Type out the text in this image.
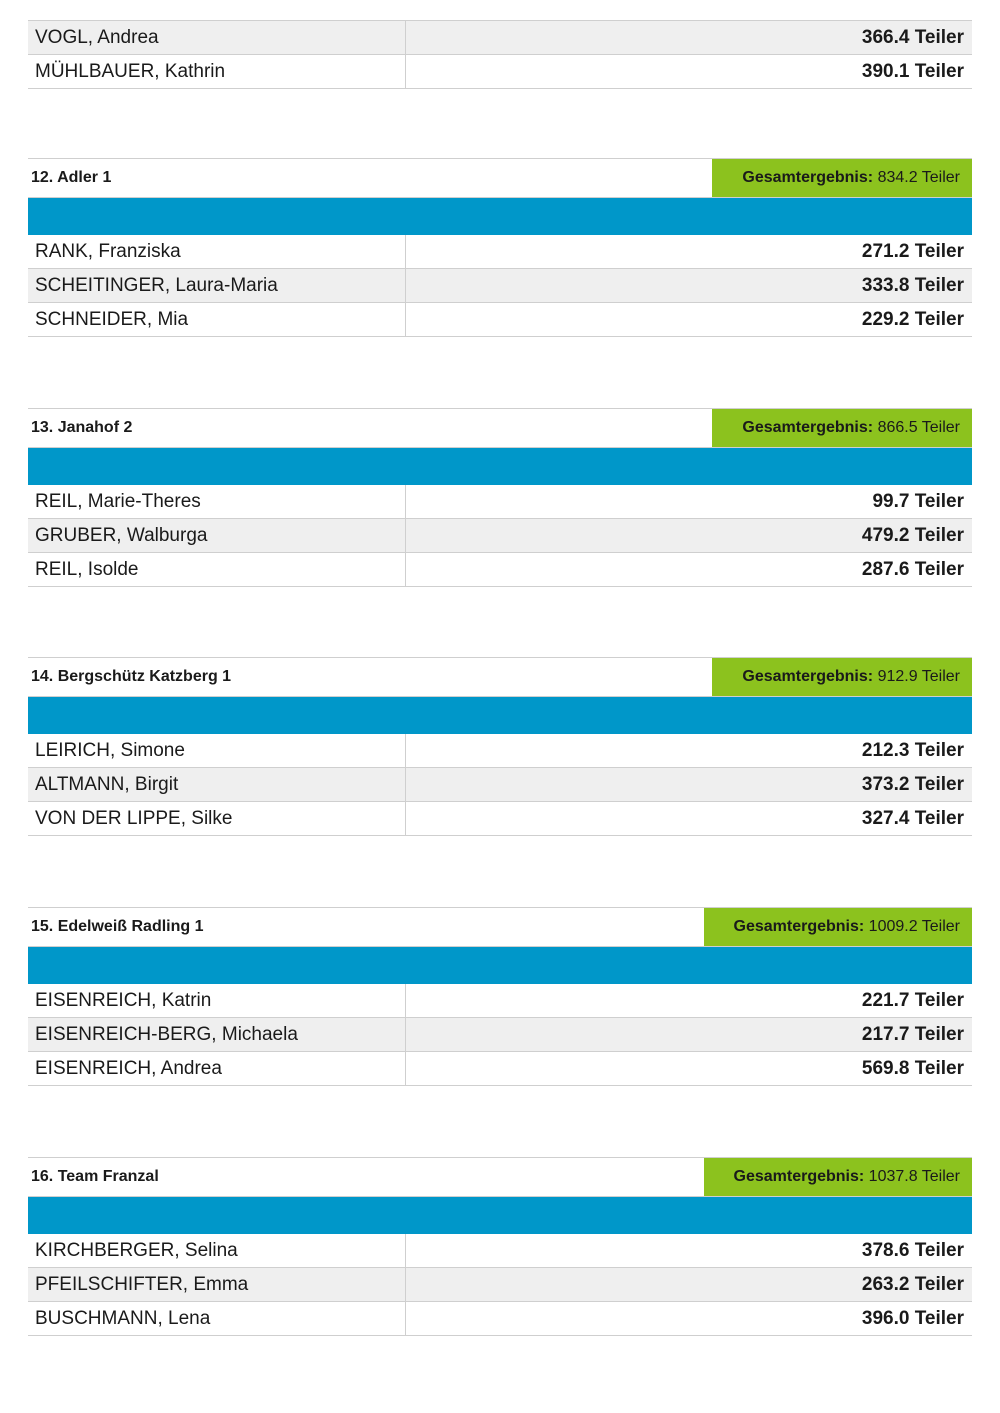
VOGL, Andrea	366.4 Teiler
MÜHLBAUER, Kathrin	390.1 Teiler
12. Adler 1	Gesamtergebnis: 834.2 Teiler
RANK, Franziska	271.2 Teiler
SCHEITINGER, Laura-Maria	333.8 Teiler
SCHNEIDER, Mia	229.2 Teiler
13. Janahof 2	Gesamtergebnis: 866.5 Teiler
REIL, Marie-Theres	99.7 Teiler
GRUBER, Walburga	479.2 Teiler
REIL, Isolde	287.6 Teiler
14. Bergschütz Katzberg 1	Gesamtergebnis: 912.9 Teiler
LEIRICH, Simone	212.3 Teiler
ALTMANN, Birgit	373.2 Teiler
VON DER LIPPE, Silke	327.4 Teiler
15. Edelweiß Radling 1	Gesamtergebnis: 1009.2 Teiler
EISENREICH, Katrin	221.7 Teiler
EISENREICH-BERG, Michaela	217.7 Teiler
EISENREICH, Andrea	569.8 Teiler
16. Team Franzal	Gesamtergebnis: 1037.8 Teiler
KIRCHBERGER, Selina	378.6 Teiler
PFEILSCHIFTER, Emma	263.2 Teiler
BUSCHMANN, Lena	396.0 Teiler
